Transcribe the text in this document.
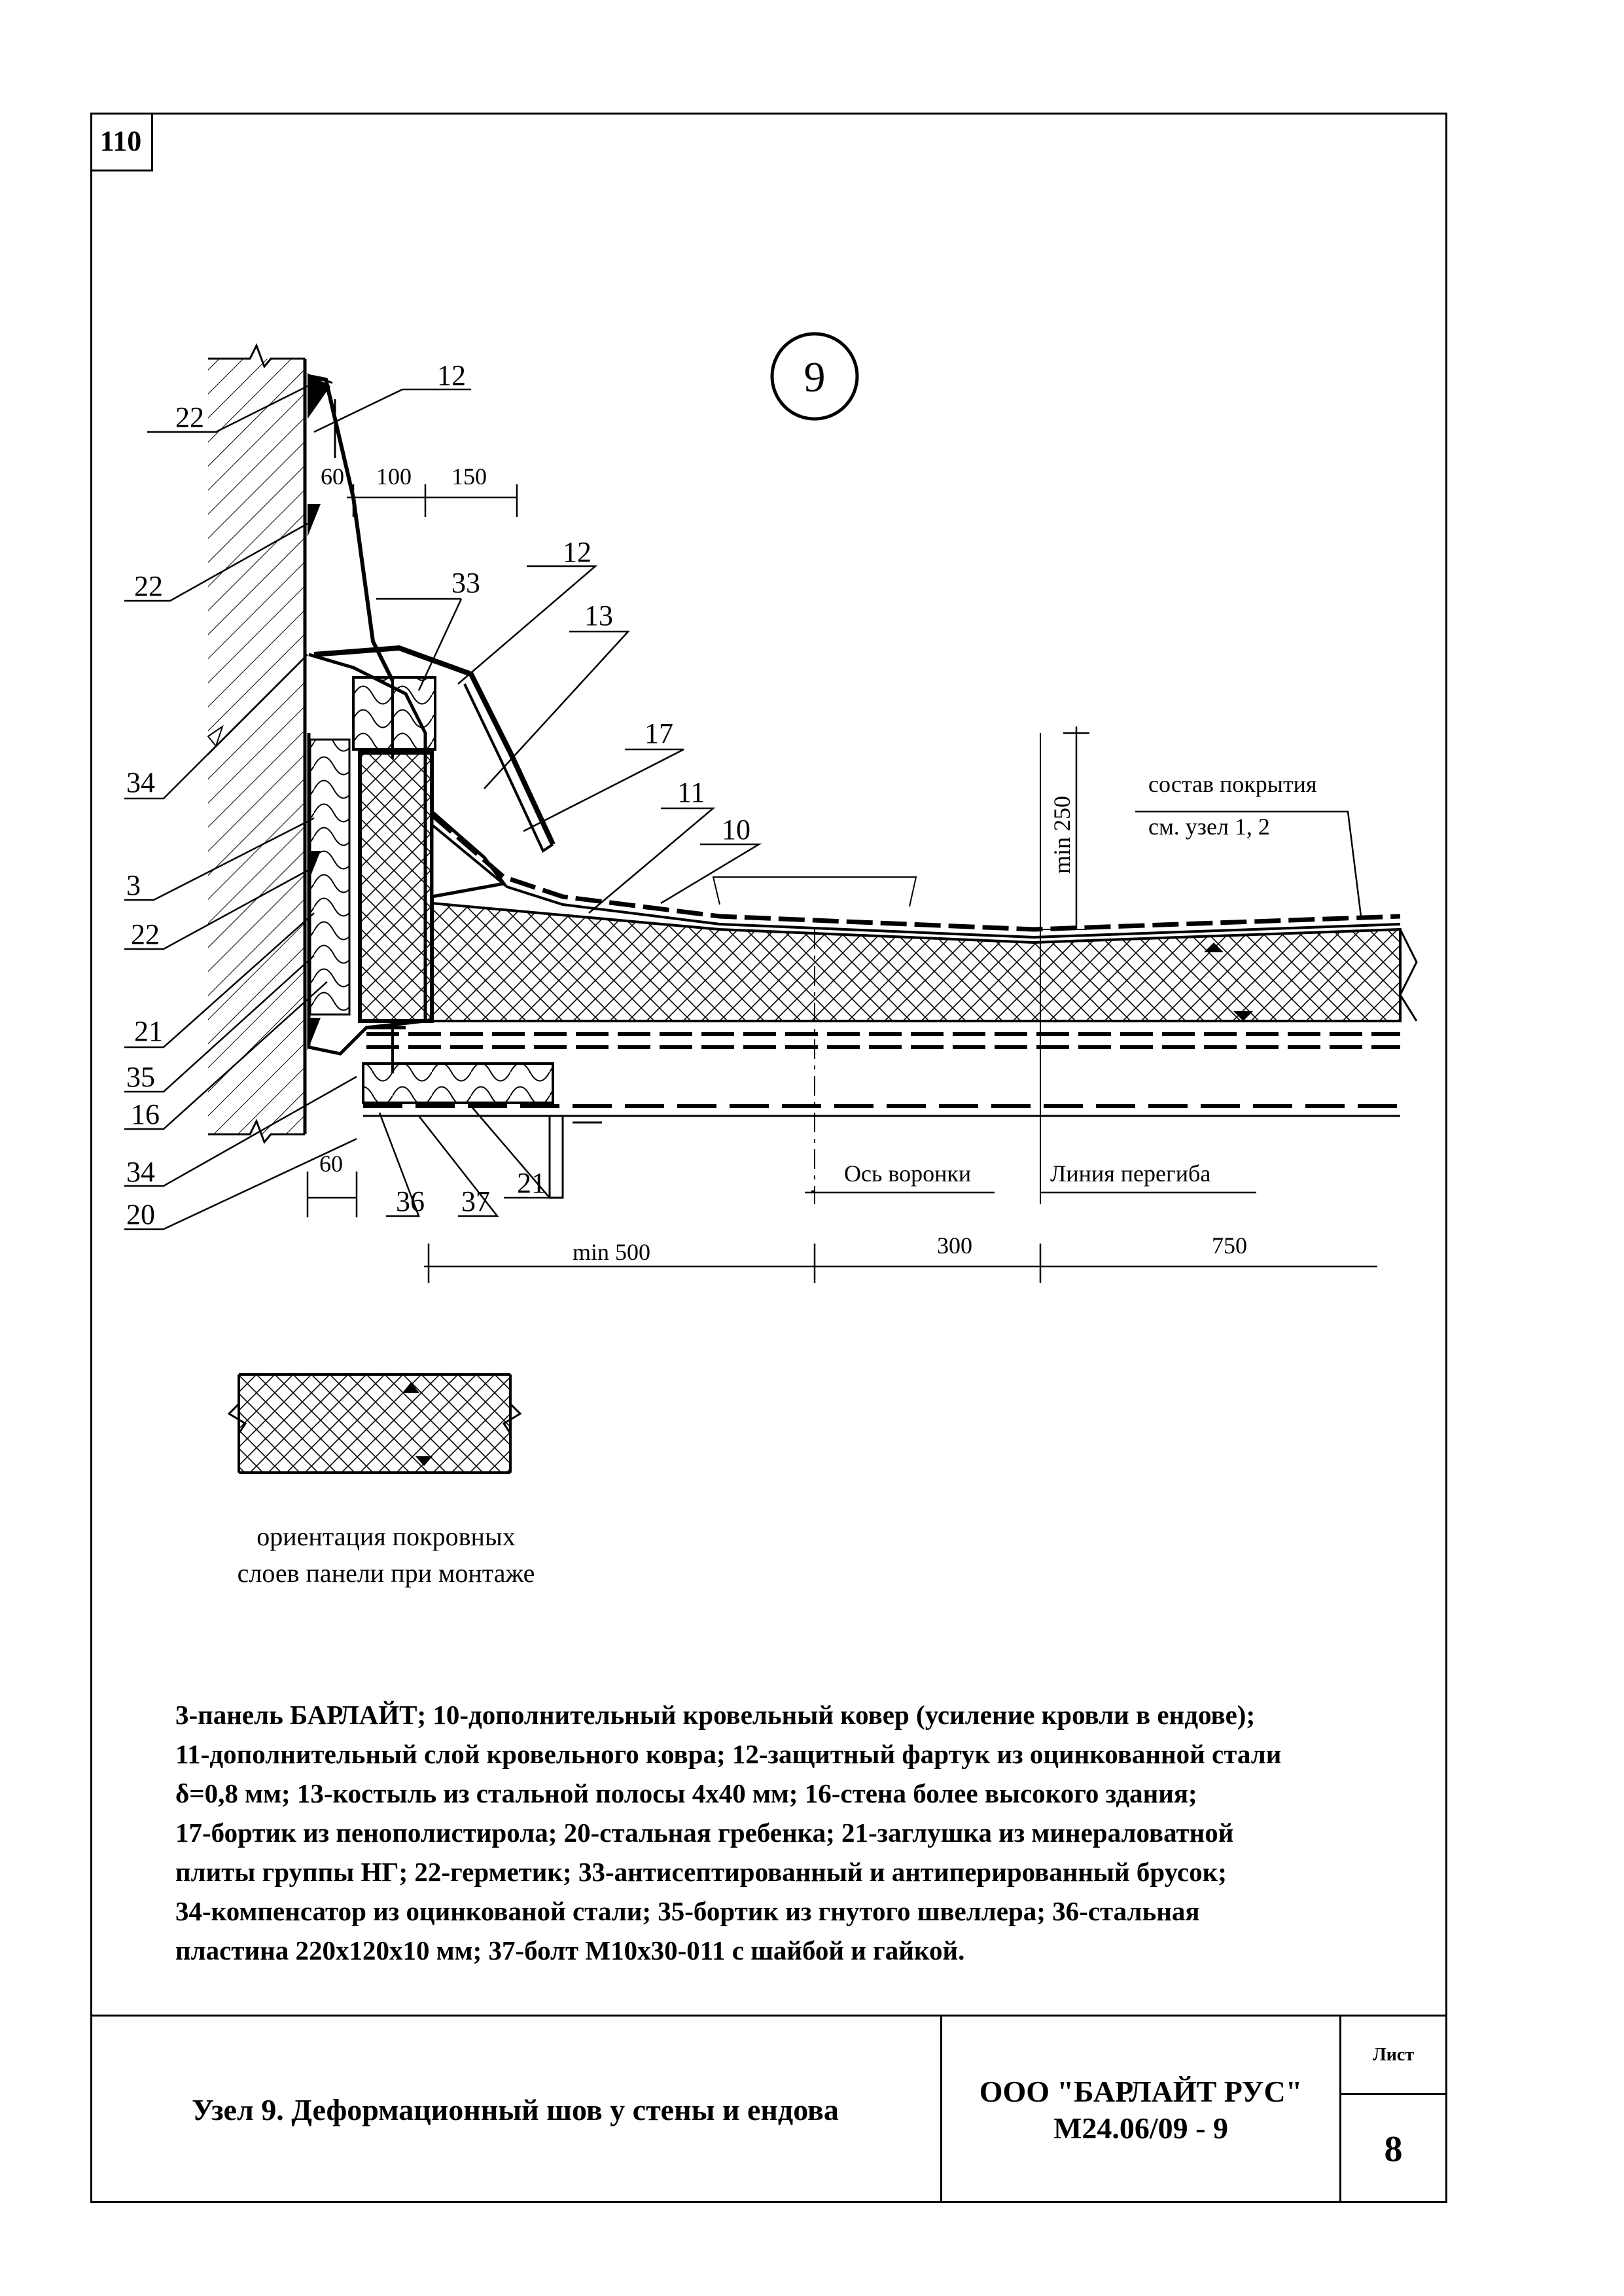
110
9
22
12
22	33
12
13
17
11
10
34
3
22
21
35
16
34
20	36 37
21
60 100 150
60
min 500	300	750
min 250
состав покрытия
см. узел 1, 2
Ось воронки	Линия перегиба
ориентация покровных
слоев панели при монтаже

3-панель БАРЛАЙТ; 10-дополнительный кровельный ковер (усиление кровли в ендове);

11-дополнительный слой кровельного ковра; 12-защитный фартук из оцинкованной стали

δ=0,8 мм; 13-костыль из стальной полосы 4х40 мм; 16-стена более высокого здания;

17-бортик из пенополистирола; 20-стальная гребенка; 21-заглушка из минераловатной

плиты группы НГ; 22-герметик; 33-антисептированный и антиперированный брусок;

34-компенсатор из оцинкованой стали; 35-бортик из гнутого швеллера; 36-стальная

пластина 220х120х10 мм; 37-болт М10х30-011 с шайбой и гайкой.

Узел 9. Деформационный шов у стены и ендова
ООО "БАРЛАЙТ РУС"
М24.06/09 - 9
Лист
8
